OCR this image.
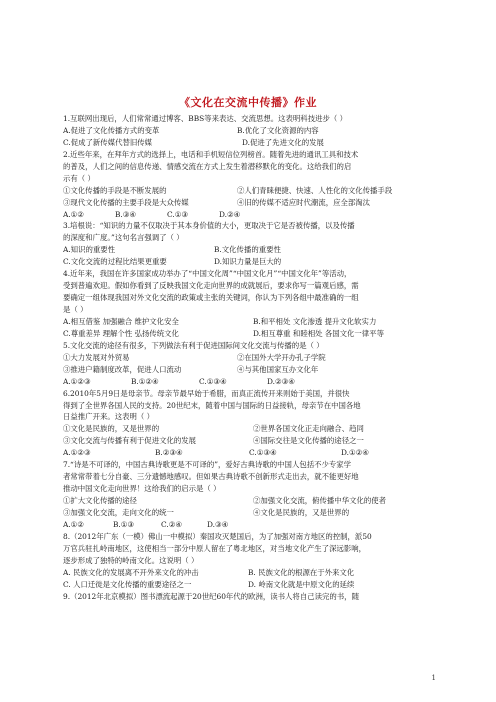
《文化在交流中传播》作业
1.互联网出现后，人们常常通过博客、BBS等来表达、交流思想。这表明科技进步（ ）
A.促进了文化传播方式的变革	B.优化了文化资源的内容
C.促成了新传媒代替旧传媒	D.促进了先进文化的发展
2.近些年来，在拜年方式的选择上，电话和手机短信位列榜首。随着先进的通讯工具和技术
的普及，人们之间的信息传递、情感交流在方式上发生着潜移默化的变化。这给我们的启
示有（ ）
①文化传播的手段是不断发展的	②人们青睐便捷、快速、人性化的文化传播手段
③现代文化传播的主要手段是大众传媒	④旧的传媒不适应时代潮流，应全部淘汰
A.①②	B.③④	C.①③	D.②④
3.培根说：“知识的力量不仅取决于其本身价值的大小，更取决于它是否被传播，以及传播
的深度和广度。”这句名言强调了（ ）
A.知识的重要性	B.文化传播的重要性
C.文化交流的过程比结果更重要	D.知识力量是巨大的
4.近年来，我国在许多国家成功举办了“中国文化周”“中国文化月”“中国文化年”等活动，
受到普遍欢迎。假如你看到了反映我国文化走向世界的成就展后，要求你写一篇观后感，需
要确定一组体现我国对外文化交流的政策或主张的关键词，你认为下列各组中最准确的一组
是（ ）
A.相互借鉴 加强融合 维护文化安全	B.和平相处 文化渗透 提升文化软实力
C.尊重差异 理解个性 弘扬传统文化	D.相互尊重 和睦相处 各国文化一律平等
5.文化交流的途径有很多，下列做法有利于促进国际间文化交流与传播的是（ ）
①大力发展对外贸易	②在国外大学开办孔子学院
③推进户籍制度改革，促进人口流动	④与其他国家互办文化年
A.①②③	B.①②④	C.①③④	D.②③④
6.2010年5月9日是母亲节。母亲节最早始于希腊，而真正流传开来则始于美国，并很快
得到了全世界各国人民的支持。20世纪末，随着中国与国际的日益接轨，母亲节在中国各地
日益推广开来。这表明（ ）
①文化是民族的，又是世界的	②世界各国文化正走向融合、趋同
③文化交流与传播有利于促进文化的发展	④国际交往是文化传播的途径之一
A.①②③	B.②③④	C.①③④	D.①②④
7.“诗是不可译的，中国古典诗歌更是不可译的”，爱好古典诗歌的中国人包括不少专家学
者常常带着七分自豪、三分遗憾地感叹。但如果古典诗歌不创新形式走出去，就不能更好地
推动中国文化走向世界！这给我们的启示是（ ）
①扩大文化传播的途径	②加强文化交流，俯传播中华文化的使者
③加强文化交流，走向文化的统一	④文化是民族的，又是世界的
A.①②	B.①③	C.②④	D.③④
8.（2012年广东（一模）佛山一中模拟）秦国攻灭楚国后，为了加强对南方地区的控制，派50
万官兵驻扎岭南地区，这使相当一部分中原人留在了粤北地区，对当地文化产生了深远影响，
逐步形成了独特的岭南文化。这说明（ ）
A. 民族文化的发展离不开外来文化的冲击	B. 民族文化的根源在于外来文化
C. 人口迁徙是文化传播的重要途径之一	D. 岭南文化就是中原文化的延续
9.（2012年北京模拟）图书漂流起源于20世纪60年代的欧洲，读书人将自己读完的书，随
1
